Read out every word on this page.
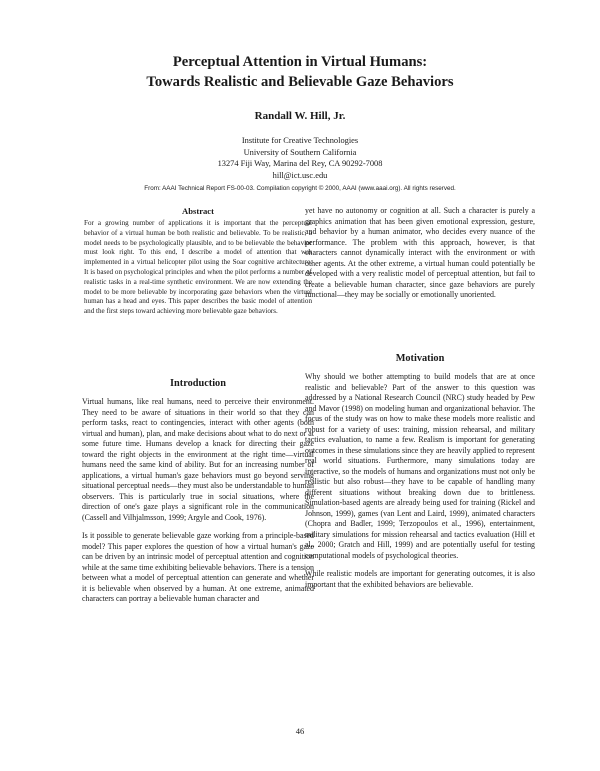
Perceptual Attention in Virtual Humans:
Towards Realistic and Believable Gaze Behaviors
Randall W. Hill, Jr.
Institute for Creative Technologies
University of Southern California
13274 Fiji Way, Marina del Rey, CA 90292-7008
hill@ict.usc.edu
From: AAAI Technical Report FS-00-03. Compilation copyright © 2000, AAAI (www.aaai.org). All rights reserved.
Abstract

For a growing number of applications it is important that the perceptual behavior of a virtual human be both realistic and believable. To be realistic, a model needs to be psychologically plausible, and to be believable the behavior must look right. To this end, I describe a model of attention that was implemented in a virtual helicopter pilot using the Soar cognitive architecture. It is based on psychological principles and when the pilot performs a number of realistic tasks in a real-time synthetic environment. We are now extending the model to be more believable by incorporating gaze behaviors when the virtual human has a head and eyes. This paper describes the basic model of attention and the first steps toward achieving more believable gaze behaviors.

Introduction

Virtual humans, like real humans, need to perceive their environment. They need to be aware of situations in their world so that they can perform tasks, react to contingencies, interact with other agents (both virtual and human), plan, and make decisions about what to do next or at some future time. Humans develop a knack for directing their gaze toward the right objects in the environment at the right time—virtual humans need the same kind of ability. But for an increasing number of applications, a virtual human's gaze behaviors must go beyond serving situational perceptual needs—they must also be understandable to human observers. This is particularly true in social situations, where the direction of one's gaze plays a significant role in the communication (Cassell and Vilhjalmsson, 1999; Argyle and Cook, 1976).

Is it possible to generate believable gaze working from a principle-based model? This paper explores the question of how a virtual human's gaze can be driven by an intrinsic model of perceptual attention and cognition while at the same time exhibiting believable behaviors. There is a tension between what a model of perceptual attention can generate and whether it is believable when observed by a human. At one extreme, animated characters can portray a believable human character and

yet have no autonomy or cognition at all. Such a character is purely a graphics animation that has been given emotional expression, gesture, and behavior by a human animator, who decides every nuance of the performance. The problem with this approach, however, is that characters cannot dynamically interact with the environment or with other agents. At the other extreme, a virtual human could potentially be developed with a very realistic model of perceptual attention, but fail to create a believable human character, since gaze behaviors are purely functional—they may be socially or emotionally unoriented.

Motivation

Why should we bother attempting to build models that are at once realistic and believable? Part of the answer to this question was addressed by a National Research Council (NRC) study headed by Pew and Mavor (1998) on modeling human and organizational behavior. The focus of the study was on how to make these models more realistic and robust for a variety of uses: training, mission rehearsal, and military tactics evaluation, to name a few. Realism is important for generating outcomes in these simulations since they are heavily applied to represent real world situations. Furthermore, many simulations today are interactive, so the models of humans and organizations must not only be realistic but also robust—they have to be capable of handling many different situations without breaking down due to brittleness. Simulation-based agents are already being used for training (Rickel and Johnson, 1999), games (van Lent and Laird, 1999), animated characters (Chopra and Badler, 1999; Terzopoulos et al., 1996), entertainment, military simulations for mission rehearsal and tactics evaluation (Hill et al., 2000; Gratch and Hill, 1999) and are potentially useful for testing computational models of psychological theories.

While realistic models are important for generating outcomes, it is also important that the exhibited behaviors are believable.

46
